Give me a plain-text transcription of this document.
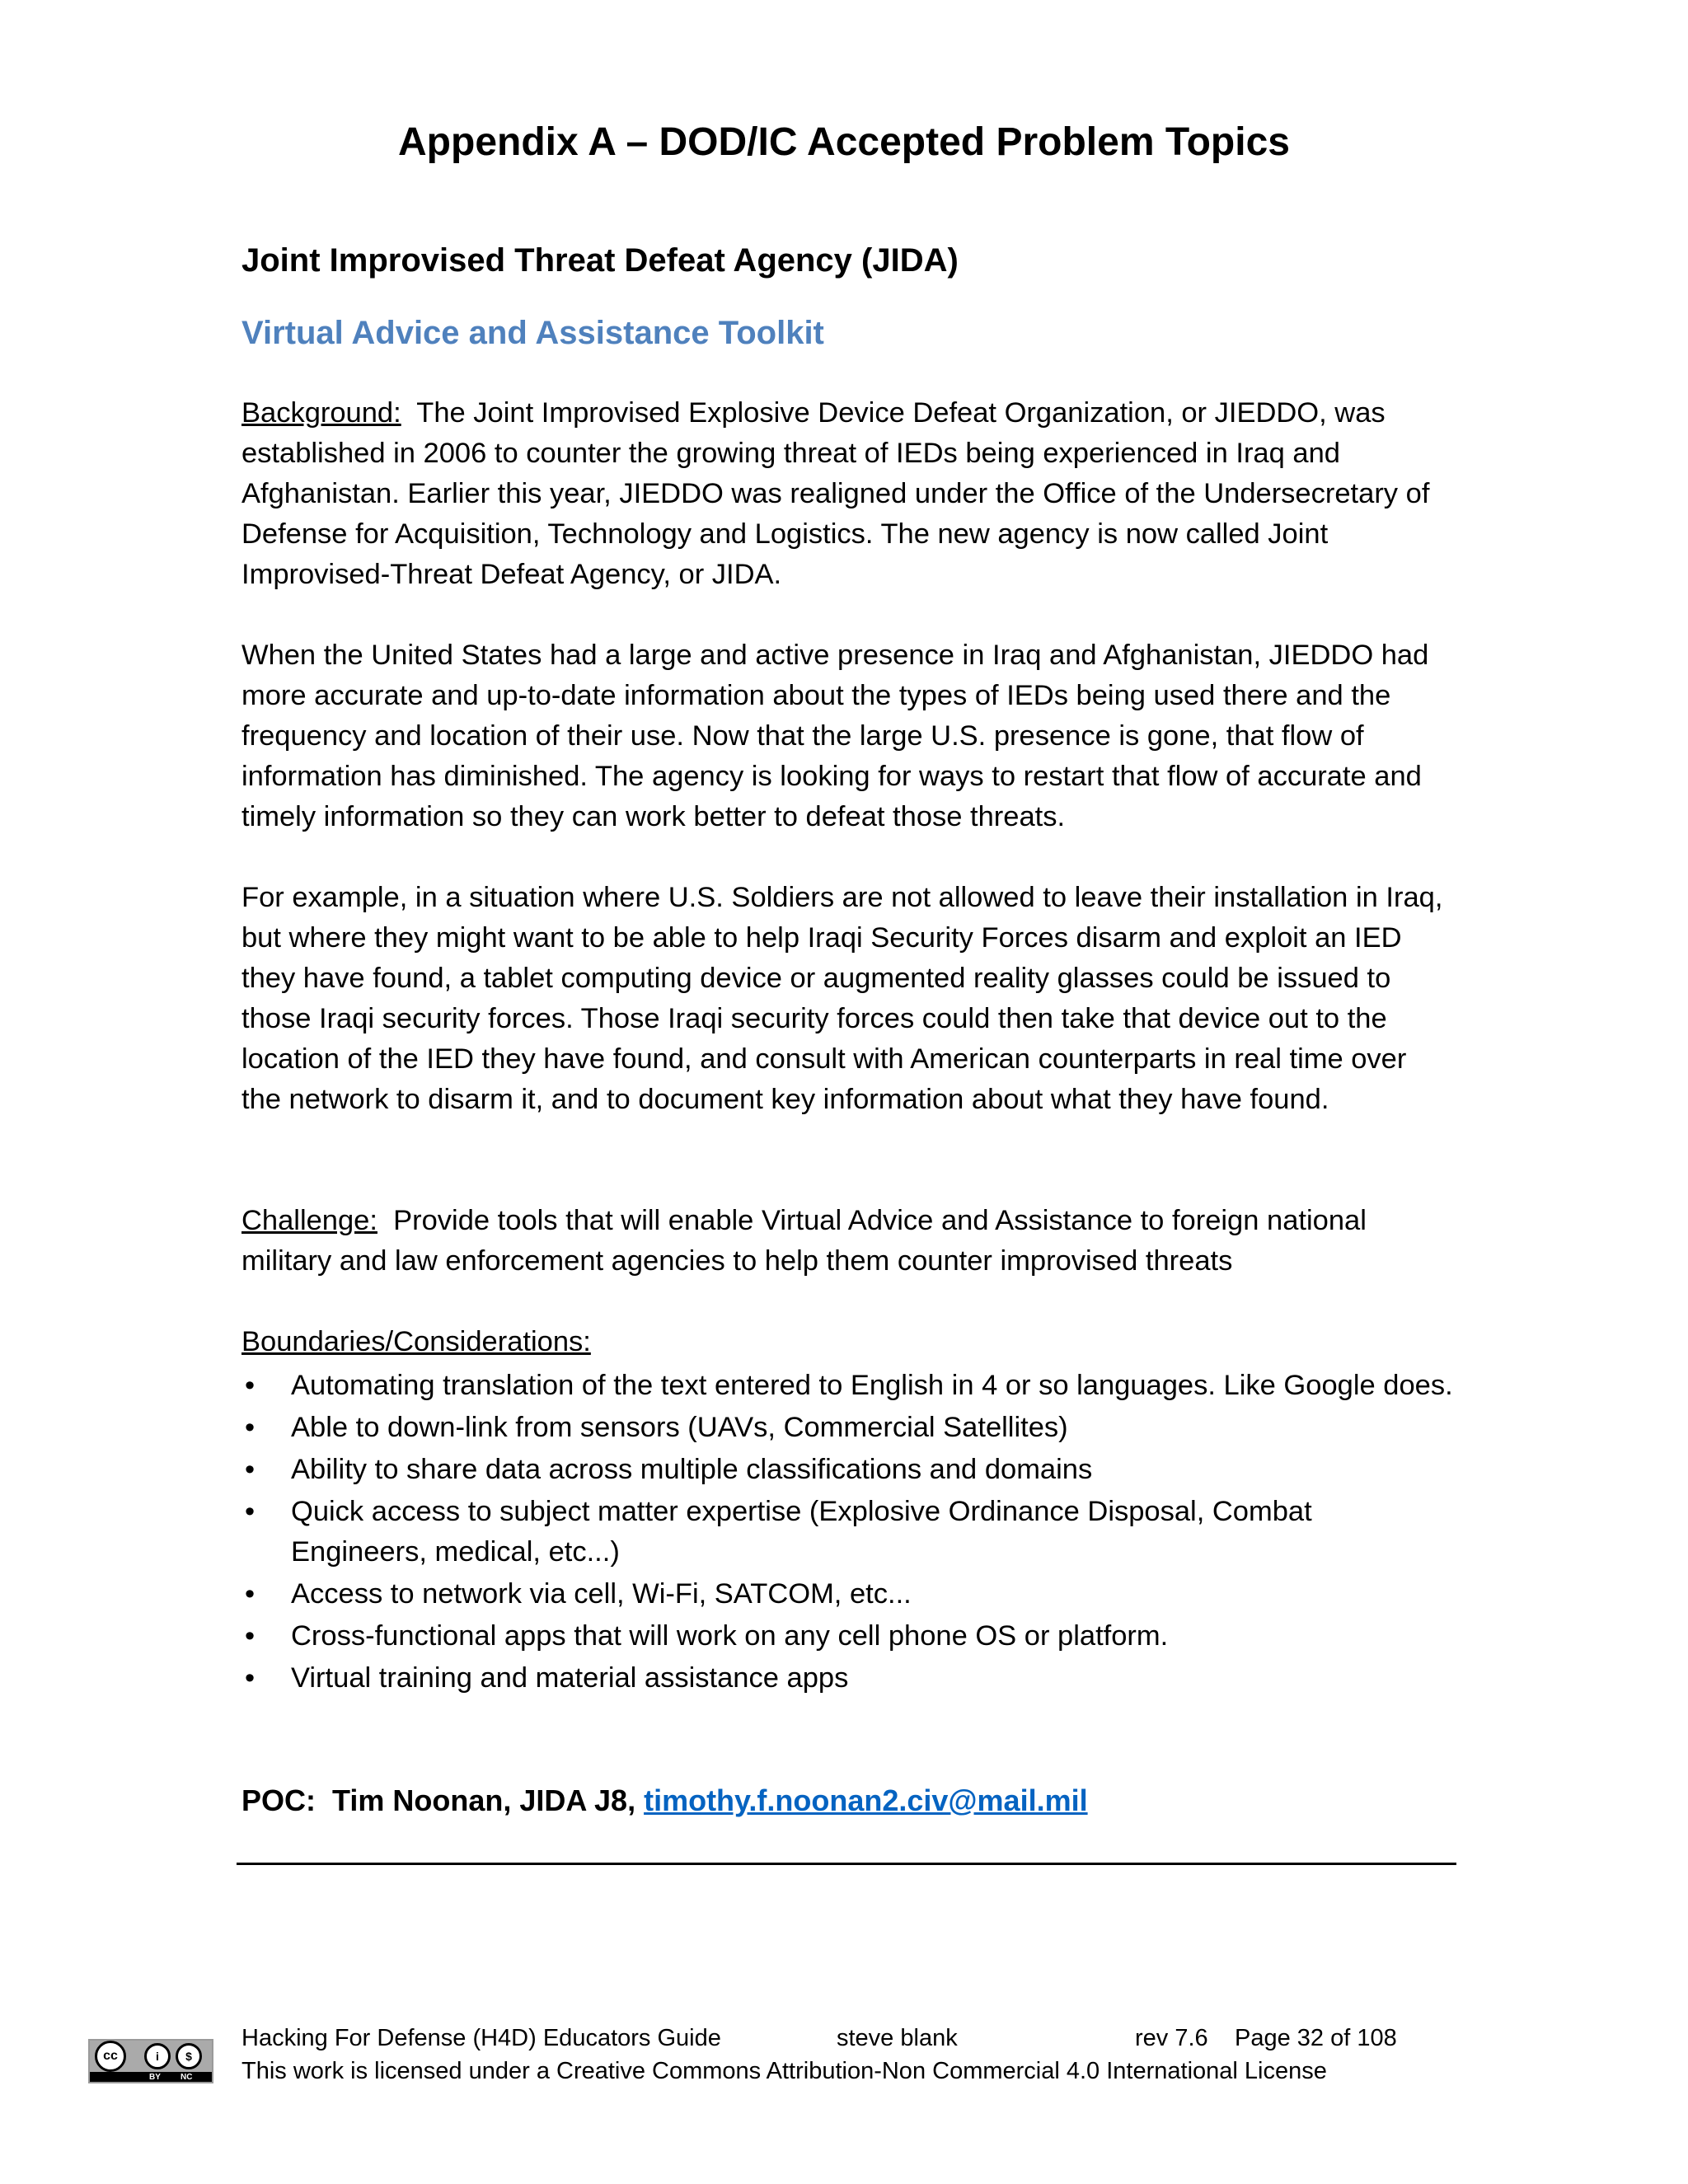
Appendix A – DOD/IC Accepted Problem Topics
Joint Improvised Threat Defeat Agency (JIDA)
Virtual Advice and Assistance Toolkit

Background:  The Joint Improvised Explosive Device Defeat Organization, or JIEDDO, was established in 2006 to counter the growing threat of IEDs being experienced in Iraq and Afghanistan. Earlier this year, JIEDDO was realigned under the Office of the Undersecretary of Defense for Acquisition, Technology and Logistics. The new agency is now called Joint Improvised-Threat Defeat Agency, or JIDA.

When the United States had a large and active presence in Iraq and Afghanistan, JIEDDO had more accurate and up-to-date information about the types of IEDs being used there and the frequency and location of their use. Now that the large U.S. presence is gone, that flow of information has diminished. The agency is looking for ways to restart that flow of accurate and timely information so they can work better to defeat those threats.

For example, in a situation where U.S. Soldiers are not allowed to leave their installation in Iraq, but where they might want to be able to help Iraqi Security Forces disarm and exploit an IED they have found, a tablet computing device or augmented reality glasses could be issued to those Iraqi security forces. Those Iraqi security forces could then take that device out to the location of the IED they have found, and consult with American counterparts in real time over the network to disarm it, and to document key information about what they have found.

Challenge:  Provide tools that will enable Virtual Advice and Assistance to foreign national military and law enforcement agencies to help them counter improvised threats

Boundaries/Considerations:

• Automating translation of the text entered to English in 4 or so languages. Like Google does.
• Able to down-link from sensors (UAVs, Commercial Satellites)
• Ability to share data across multiple classifications and domains
• Quick access to subject matter expertise (Explosive Ordinance Disposal, Combat Engineers, medical, etc...)
• Access to network via cell, Wi-Fi, SATCOM, etc...
• Cross-functional apps that will work on any cell phone OS or platform.
• Virtual training and material assistance apps

POC:  Tim Noonan, JIDA J8, timothy.f.noonan2.civ@mail.mil

cc	i	$
BY NC
Hacking For Defense (H4D) Educators Guide	steve blank	rev 7.6 Page 32 of 108
This work is licensed under a Creative Commons Attribution-Non Commercial 4.0 International License
